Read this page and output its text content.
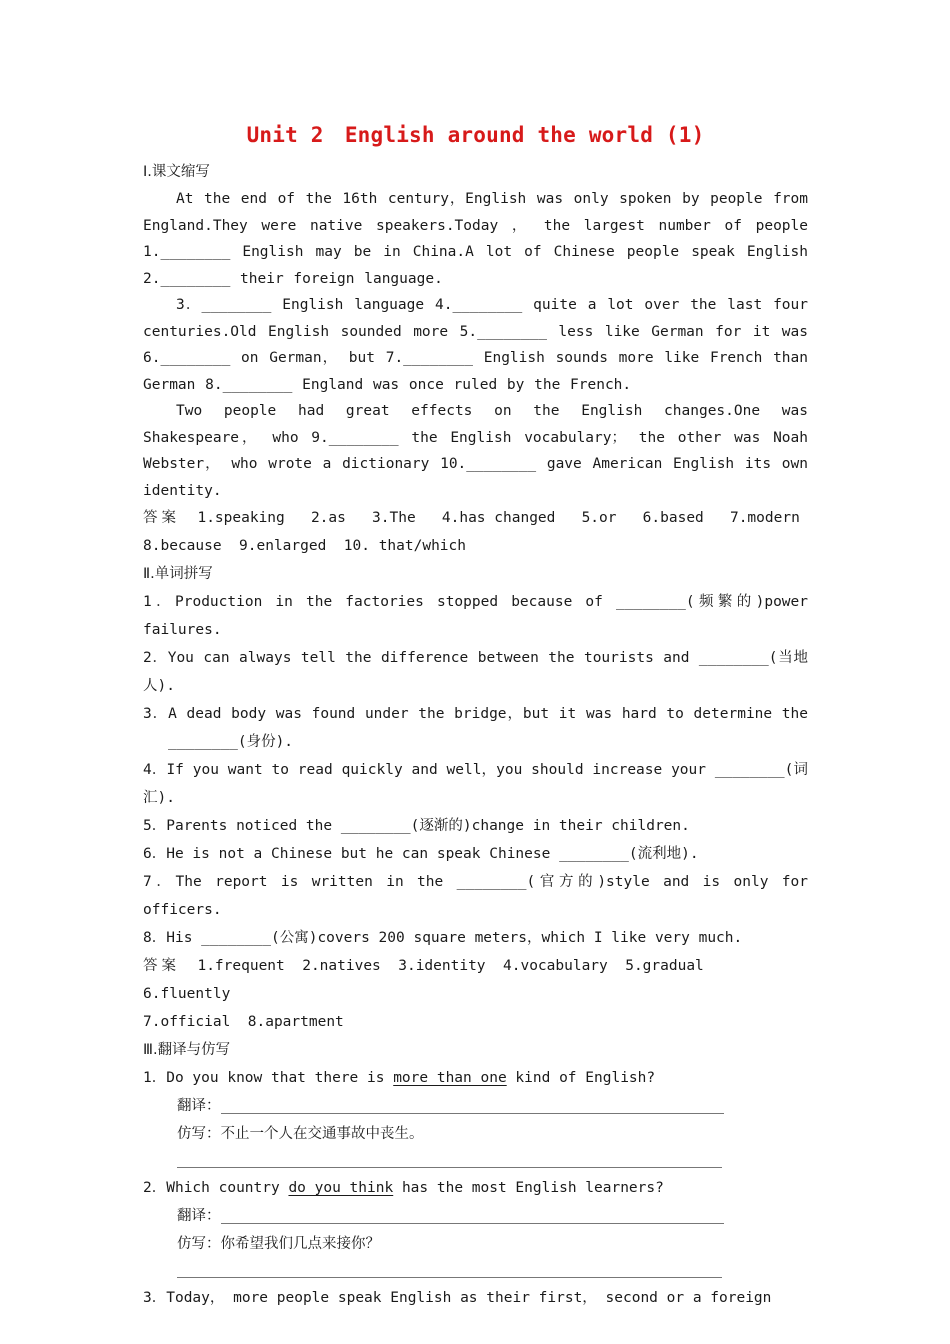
Unit 2　English around the world (1)
Ⅰ.课文缩写

At the end of the 16th century，English was only spoken by people from England.They were native speakers.Today ， the largest number of people 1.________ English may be in China.A lot of Chinese people speak English 2.________ their foreign language.

3．________ English language 4.________ quite a lot over the last four centuries.Old English sounded more 5.________ less like German for it was 6.________ on German， but 7.________ English sounds more like French than German 8.________ England was once ruled by the French.

Two people had great effects on the English changes.One was Shakespeare， who 9.________ the English vocabulary； the other was Noah Webster， who wrote a dictionary 10.________ gave American English its own identity.

答案  1.speaking   2.as   3.The   4.has changed   5.or   6.based   7.modern
8.because  9.enlarged  10. that/which
Ⅱ.单词拼写

1．Production in the factories stopped because of ________(频繁的)power failures.

2．You can always tell the difference between the tourists and ________(当地人).

3．A dead body was found under the bridge，but it was hard to determine the ________(身份).

4．If you want to read quickly and well，you should increase your ________(词汇).

5．Parents noticed the ________(逐渐的)change in their children.

6．He is not a Chinese but he can speak Chinese ________(流利地).

7．The report is written in the ________(官方的)style and is only for officers.

8．His ________(公寓)covers 200 square meters，which I like very much.

答案  1.frequent  2.natives  3.identity  4.vocabulary  5.gradual  6.fluently
7.official  8.apartment
Ⅲ.翻译与仿写

1．Do you know that there is more than one kind of English?

翻译：
仿写： 不止一个人在交通事故中丧生。

2．Which country do you think has the most English learners?

翻译：
仿写： 你希望我们几点来接你？

3．Today， more people speak English as their first， second or a foreign
